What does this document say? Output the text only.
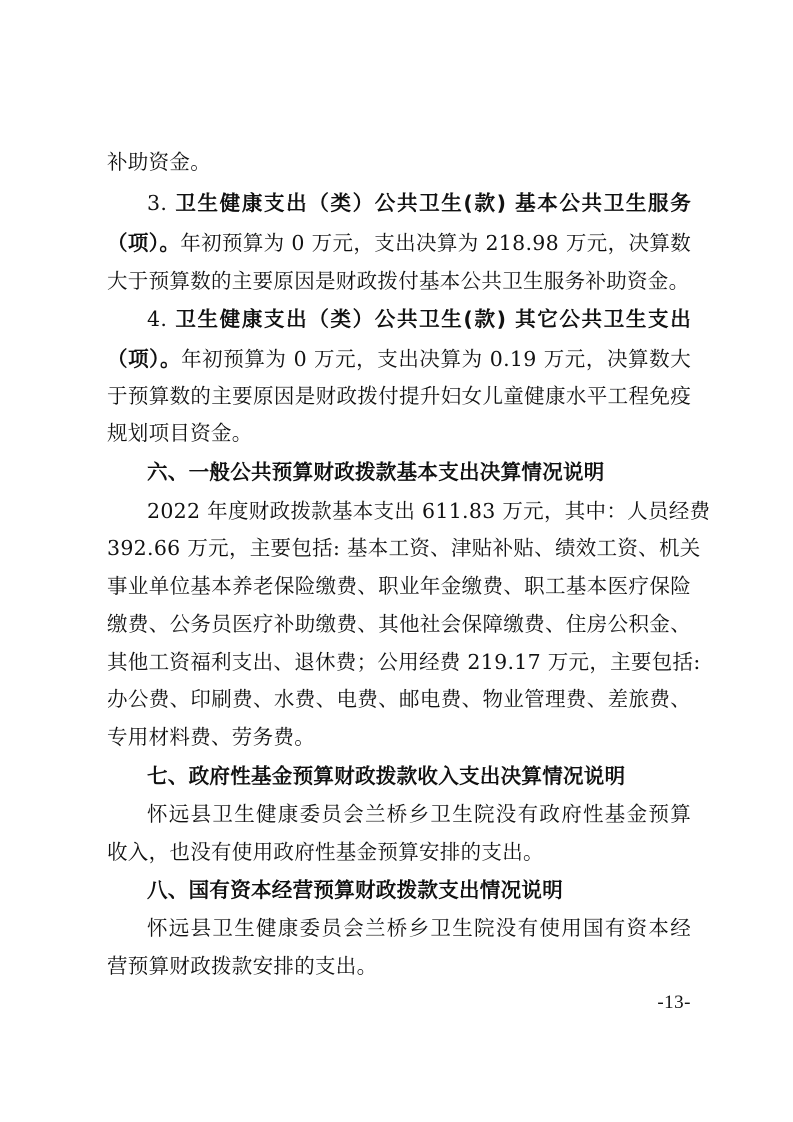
补助资金。
3. 卫生健康支出（类）公共卫生(款) 基本公共卫生服务
（项）。年初预算为 0 万元，支出决算为 218.98 万元，决算数
大于预算数的主要原因是财政拨付基本公共卫生服务补助资金。
4. 卫生健康支出（类）公共卫生(款) 其它公共卫生支出
（项）。年初预算为 0 万元，支出决算为 0.19 万元，决算数大
于预算数的主要原因是财政拨付提升妇女儿童健康水平工程免疫
规划项目资金。
六、一般公共预算财政拨款基本支出决算情况说明
2022 年度财政拨款基本支出 611.83 万元，其中：人员经费
392.66 万元，主要包括: 基本工资、津贴补贴、绩效工资、机关
事业单位基本养老保险缴费、职业年金缴费、职工基本医疗保险
缴费、公务员医疗补助缴费、其他社会保障缴费、住房公积金、
其他工资福利支出、退休费；公用经费 219.17 万元，主要包括:
办公费、印刷费、水费、电费、邮电费、物业管理费、差旅费、
专用材料费、劳务费。
七、政府性基金预算财政拨款收入支出决算情况说明
怀远县卫生健康委员会兰桥乡卫生院没有政府性基金预算
收入，也没有使用政府性基金预算安排的支出。
八、国有资本经营预算财政拨款支出情况说明
怀远县卫生健康委员会兰桥乡卫生院没有使用国有资本经
营预算财政拨款安排的支出。
-13-
